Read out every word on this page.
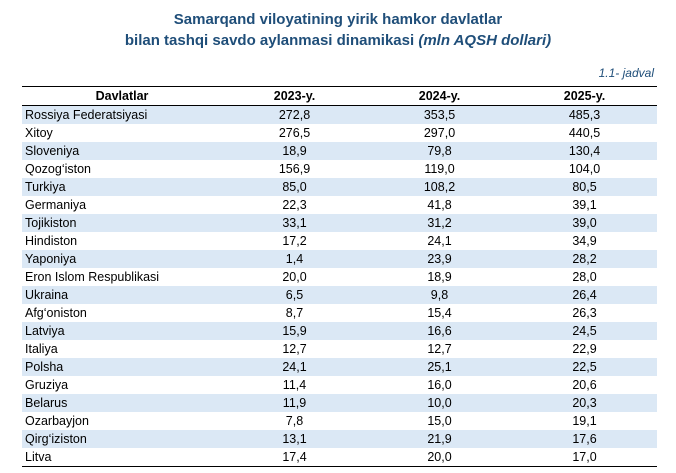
Samarqand viloyatining yirik hamkor davlatlar
bilan tashqi savdo aylanmasi dinamikasi (mln AQSH dollari)
1.1- jadval
Davlatlar	2023-y.	2024-y.	2025-y.
Rossiya Federatsiyasi	272,8	353,5	485,3
Xitoy	276,5	297,0	440,5
Sloveniya	18,9	79,8	130,4
Qozog‘iston	156,9	119,0	104,0
Turkiya	85,0	108,2	80,5
Germaniya	22,3	41,8	39,1
Tojikiston	33,1	31,2	39,0
Hindiston	17,2	24,1	34,9
Yaponiya	1,4	23,9	28,2
Eron Islom Respublikasi	20,0	18,9	28,0
Ukraina	6,5	9,8	26,4
Afg‘oniston	8,7	15,4	26,3
Latviya	15,9	16,6	24,5
Italiya	12,7	12,7	22,9
Polsha	24,1	25,1	22,5
Gruziya	11,4	16,0	20,6
Belarus	11,9	10,0	20,3
Ozarbayjon	7,8	15,0	19,1
Qirg‘iziston	13,1	21,9	17,6
Litva	17,4	20,0	17,0
